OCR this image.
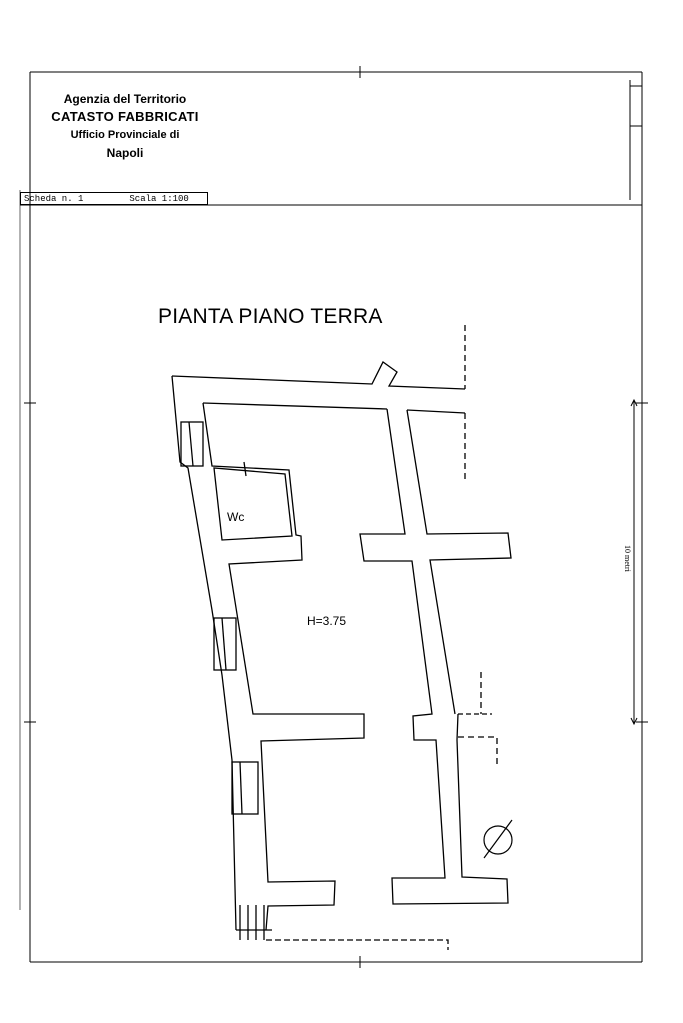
Agenzia del Territorio
CATASTO FABBRICATI
Ufficio Provinciale di
Napoli
Scheda n. 1	Scala 1:100
PIANTA PIANO TERRA
Wc
H=3.75
10 metri
